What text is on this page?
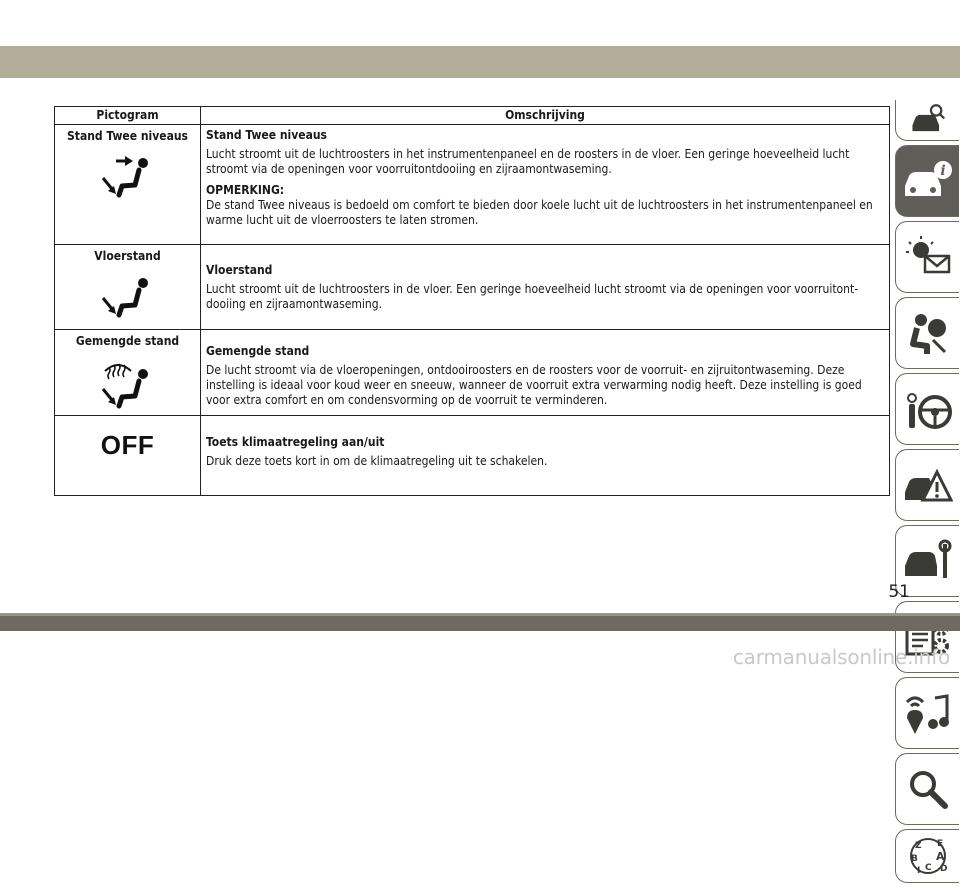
Pictogram	Omschrijving

Stand Twee niveaus	Stand Twee niveaus
Lucht stroomt uit de luchtroosters in het instrumentenpaneel en de roosters in de vloer. Een geringe hoeveelheid lucht stroomt via de openingen voor voorruitontdooiing en zijraamontwaseming.
OPMERKING:
De stand Twee niveaus is bedoeld om comfort te bieden door koele lucht uit de luchtroosters in het instrumentenpaneel en warme lucht uit de vloerroosters te laten stromen.

Vloerstand	Vloerstand
Lucht stroomt uit de luchtroosters in de vloer. Een geringe hoeveelheid lucht stroomt via de openingen voor voorruitont-dooiing en zijraamontwaseming.

Gemengde stand	Gemengde stand
De lucht stroomt via de vloeropeningen, ontdooiroosters en de roosters voor de voorruit- en zijruitontwaseming. Deze instelling is ideaal voor koud weer en sneeuw, wanneer de voorruit extra verwarming nodig heeft. Deze instelling is goed voor extra comfort en om condensvorming op de voorruit te verminderen.

OFF	Toets klimaatregeling aan/uit
Druk deze toets kort in om de klimaatregeling uit te schakelen.
i
Z E
B A
I C D
51
carmanualsonline.info
